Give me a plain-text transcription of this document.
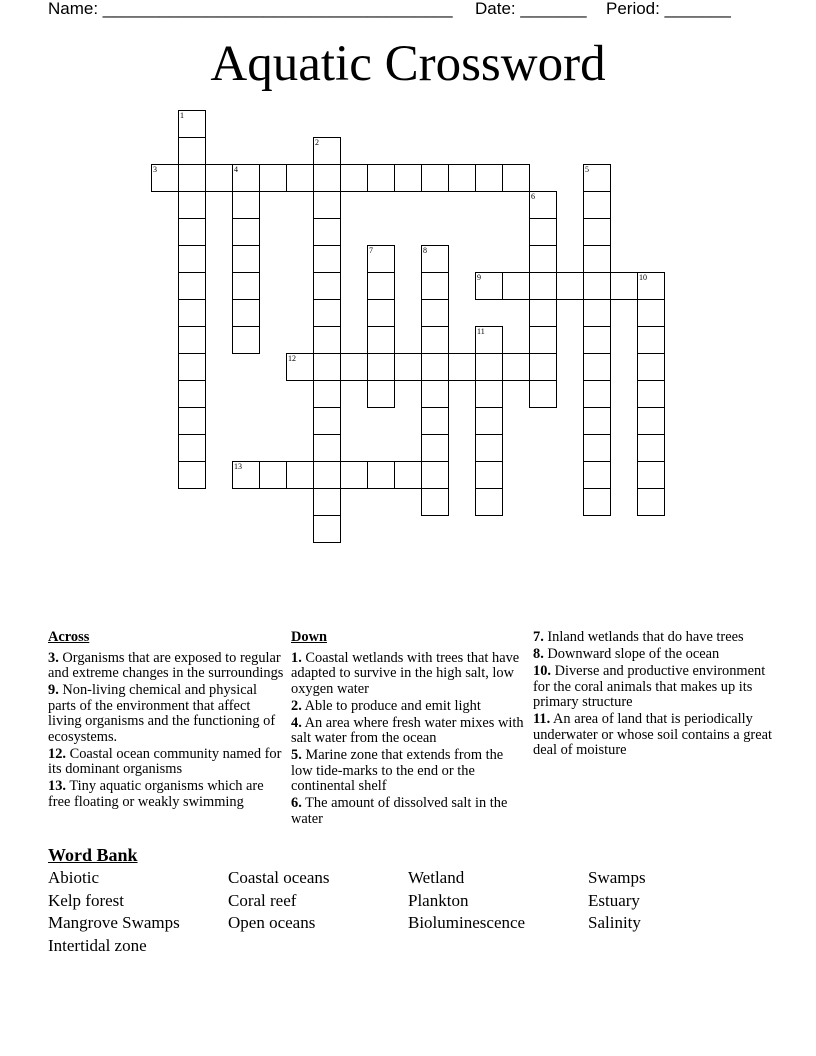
Name: _____________________________________ Date: _______ Period: _______
Aquatic Crossword
1
2
3	4	5
6
7	8
9	10
11
12
13
Across
3. Organisms that are exposed to regular and extreme changes in the surroundings
9. Non-living chemical and physical parts of the environment that affect living organisms and the functioning of ecosystems.
12. Coastal ocean community named for its dominant organisms
13. Tiny aquatic organisms which are free floating or weakly swimming
Down
1. Coastal wetlands with trees that have adapted to survive in the high salt, low oxygen water
2. Able to produce and emit light
4. An area where fresh water mixes with salt water from the ocean
5. Marine zone that extends from the low tide-marks to the end or the continental shelf
6. The amount of dissolved salt in the water
7. Inland wetlands that do have trees
8. Downward slope of the ocean
10. Diverse and productive environment for the coral animals that makes up its primary structure
11. An area of land that is periodically underwater or whose soil contains a great deal of moisture
Word Bank
Abiotic	Coastal oceans	Wetland	Swamps
Kelp forest	Coral reef	Plankton	Estuary
Mangrove Swamps	Open oceans	Bioluminescence	Salinity
Intertidal zone
